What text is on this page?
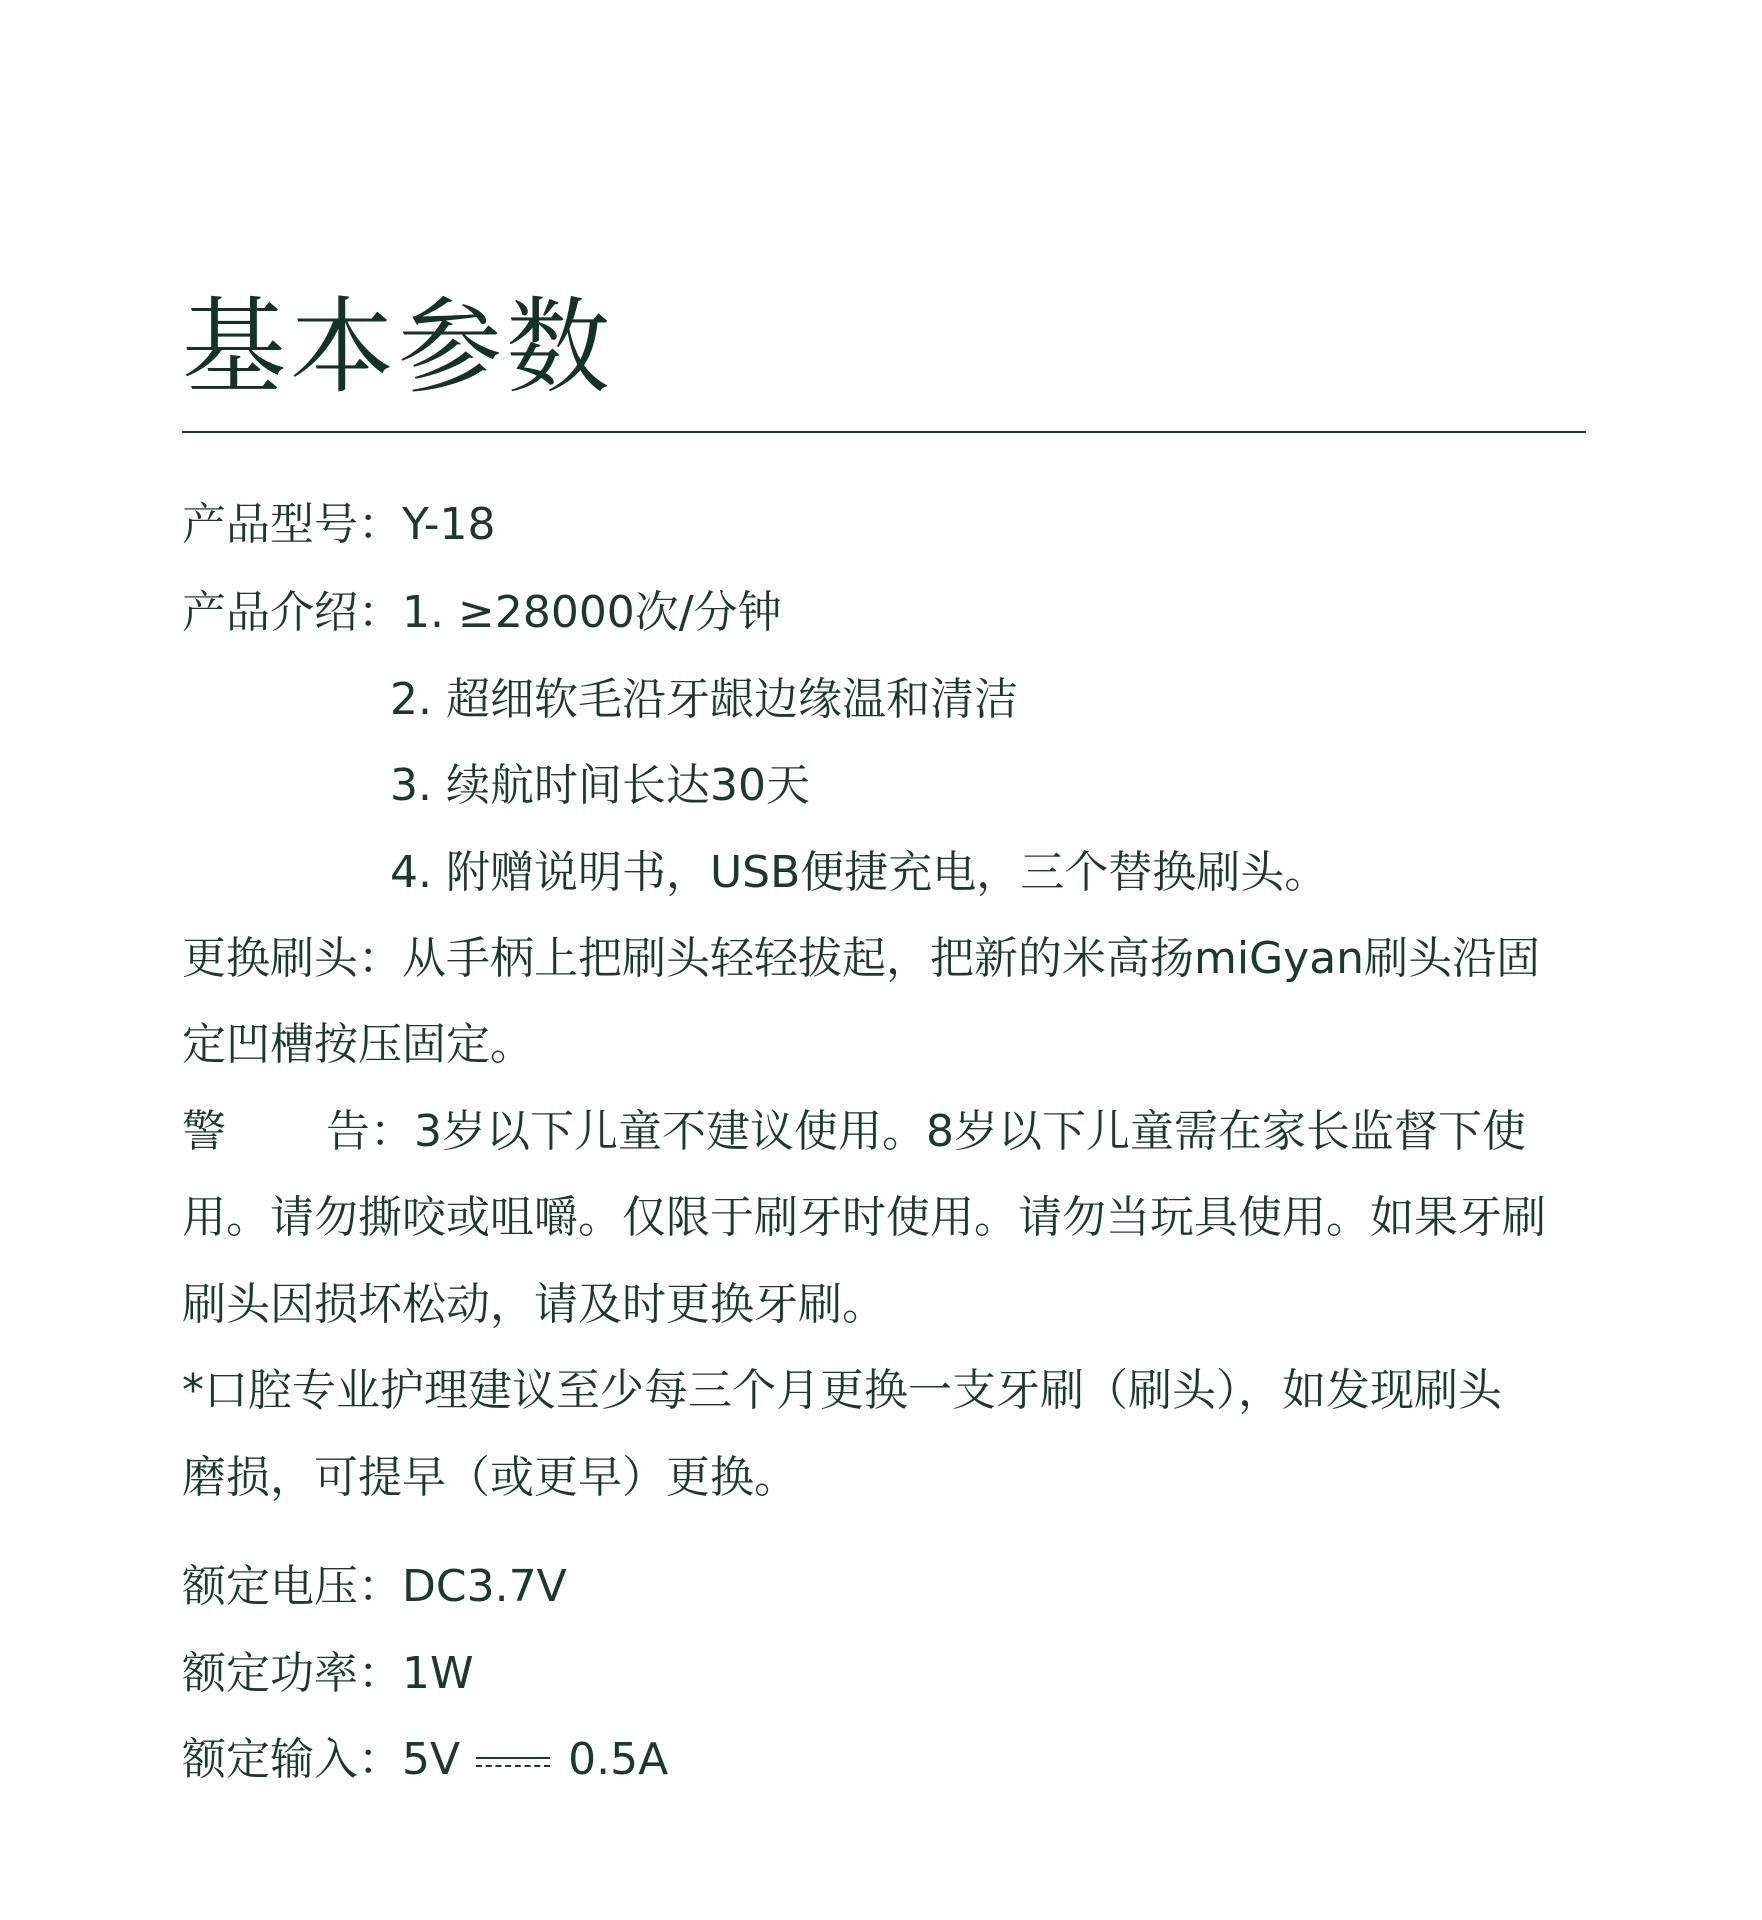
基本参数
产品型号：Y-18
产品介绍：1. ≥28000次/分钟
2. 超细软毛沿牙龈边缘温和清洁
3. 续航时间长达30天
4. 附赠说明书，USB便捷充电，三个替换刷头。
更换刷头：从手柄上把刷头轻轻拔起，把新的米高扬miGyan刷头沿固
定凹槽按压固定。
警 告：3岁以下儿童不建议使用。8岁以下儿童需在家长监督下使
用。请勿撕咬或咀嚼。仅限于刷牙时使用。请勿当玩具使用。如果牙刷
刷头因损坏松动，请及时更换牙刷。
*口腔专业护理建议至少每三个月更换一支牙刷（刷头），如发现刷头
磨损，可提早（或更早）更换。
额定电压：DC3.7V
额定功率：1W
额定输入：5V 0.5A
